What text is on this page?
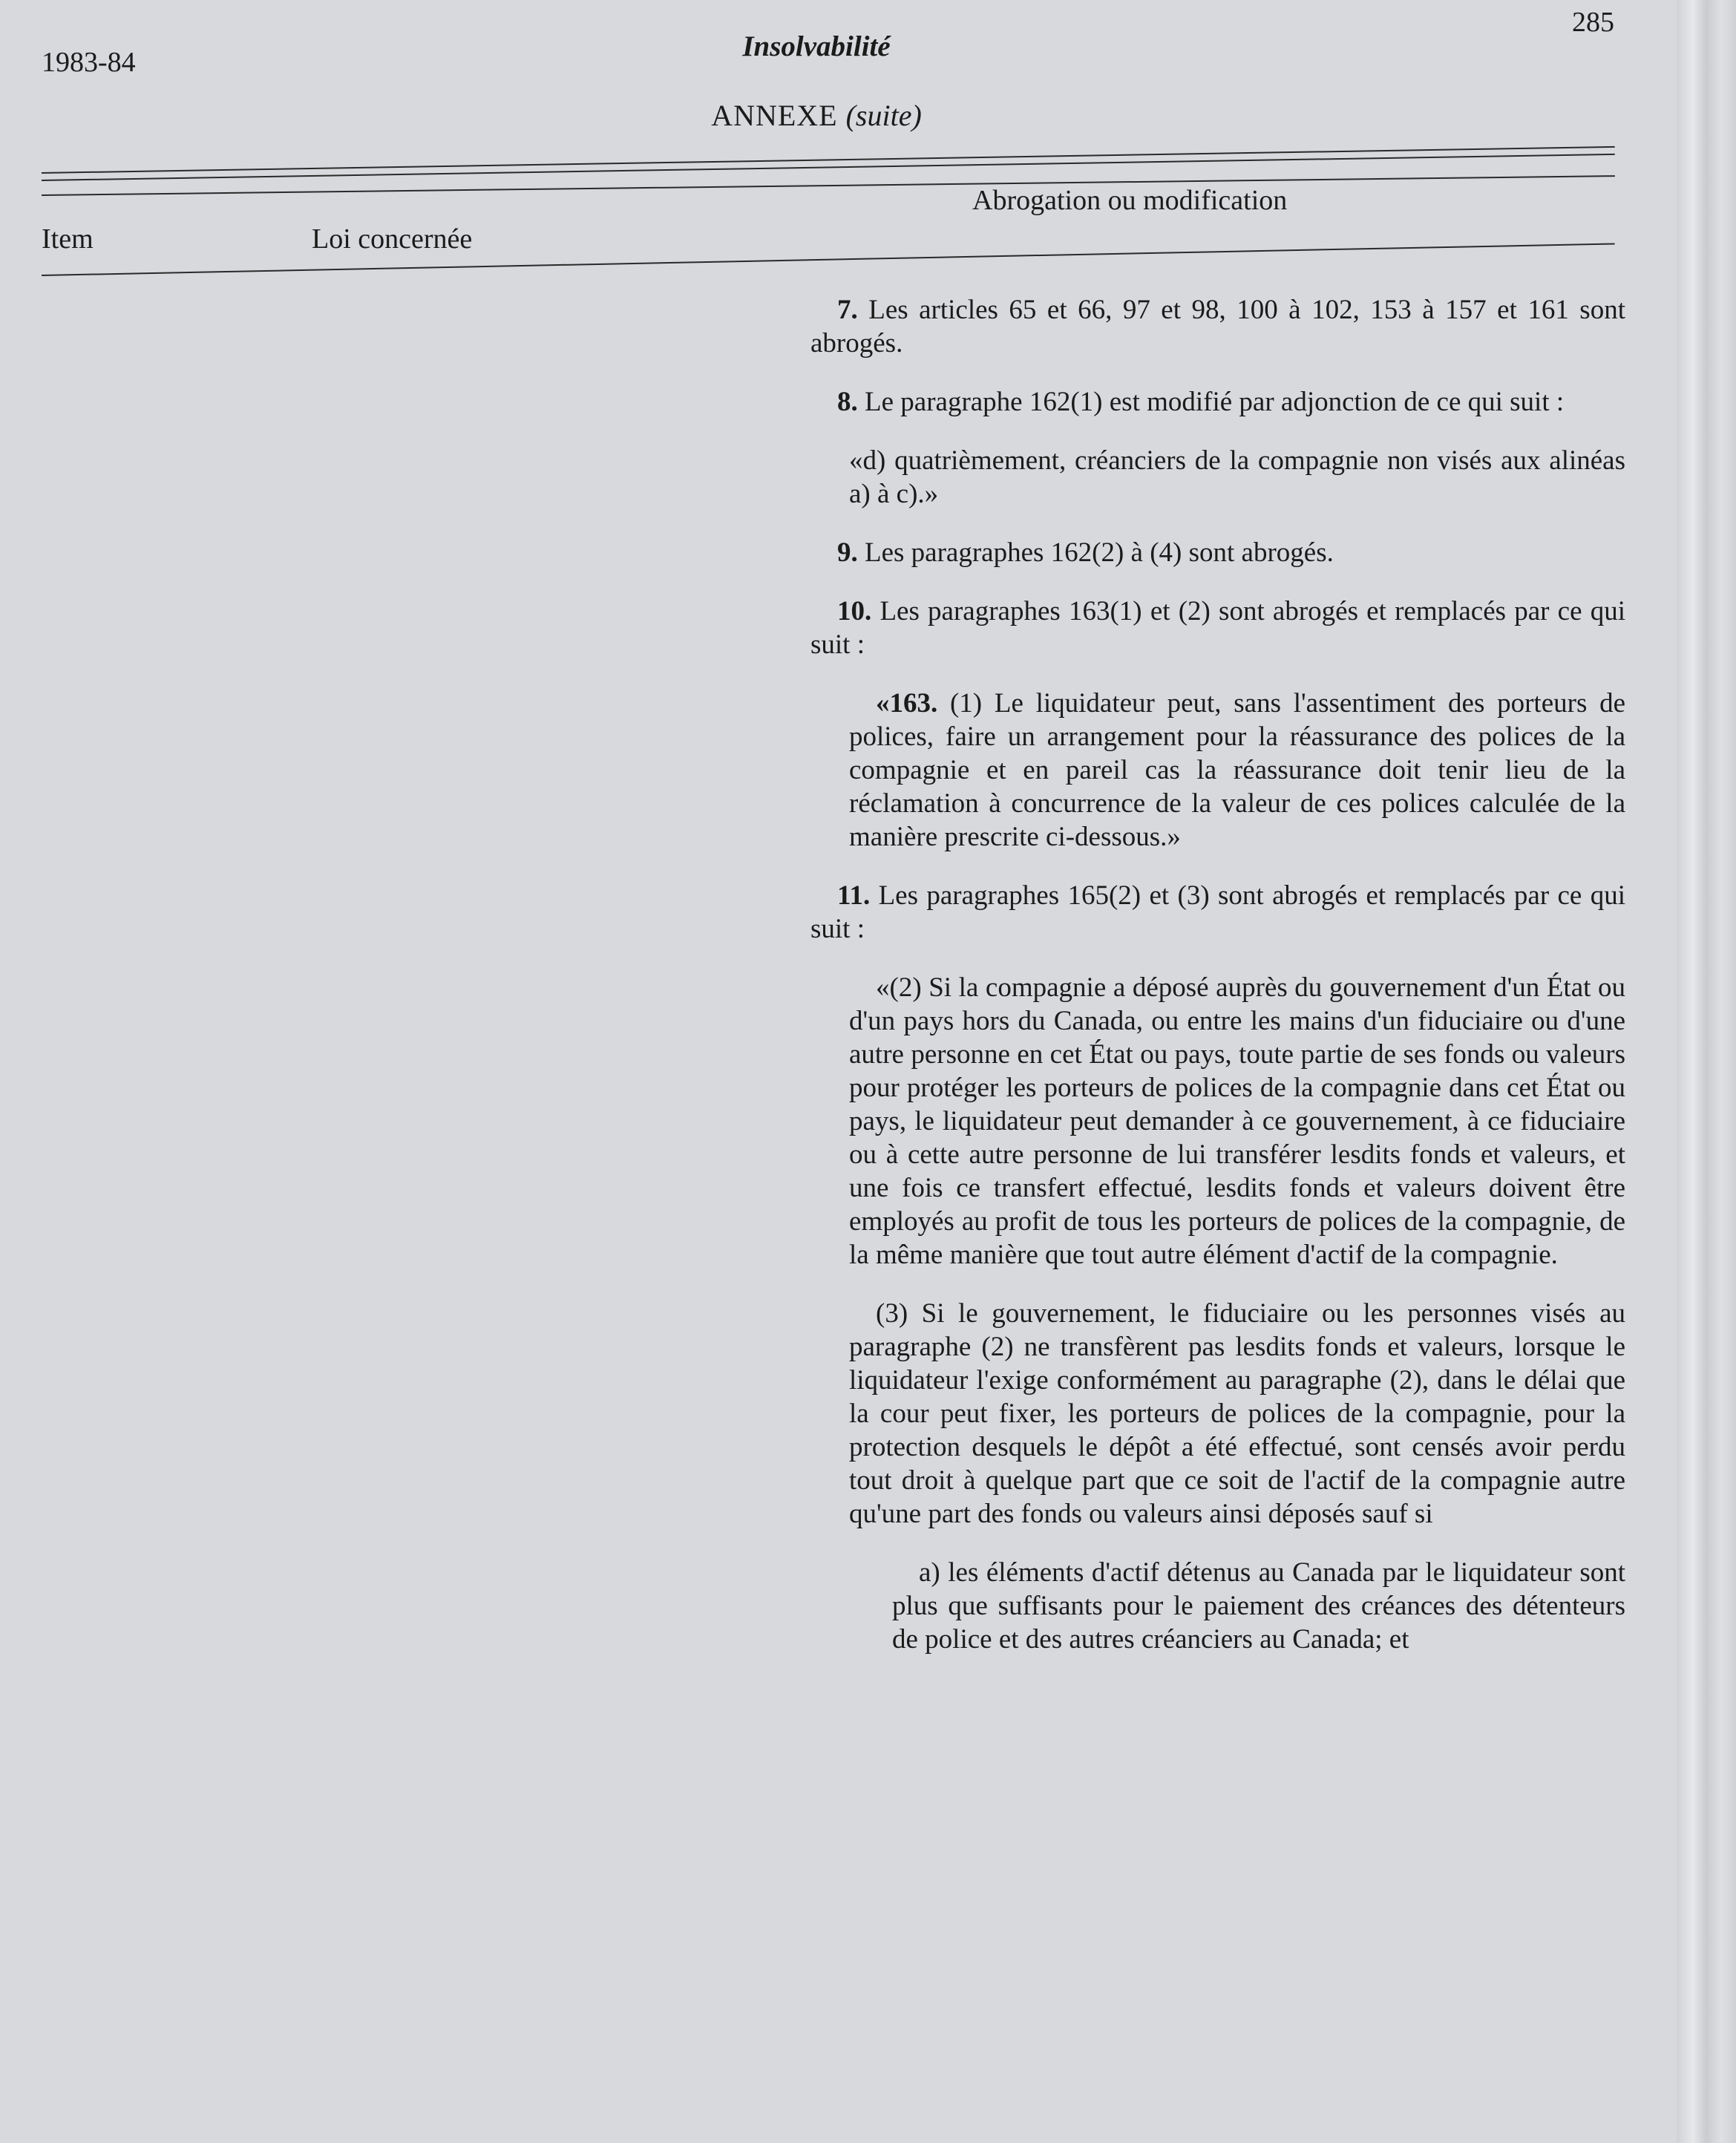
1983-84	Insolvabilité
285
ANNEXE (suite)
Item	Loi concernée
Abrogation ou modification

7. Les articles 65 et 66, 97 et 98, 100 à 102, 153 à 157 et 161 sont abrogés.

8. Le paragraphe 162(1) est modifié par adjonction de ce qui suit :

«d) quatrièmement, créanciers de la compagnie non visés aux alinéas a) à c).»

9. Les paragraphes 162(2) à (4) sont abrogés.

10. Les paragraphes 163(1) et (2) sont abrogés et remplacés par ce qui suit :

«163. (1) Le liquidateur peut, sans l'assentiment des porteurs de polices, faire un arrangement pour la réassurance des polices de la compagnie et en pareil cas la réassurance doit tenir lieu de la réclamation à concurrence de la valeur de ces polices calculée de la manière prescrite ci-dessous.»

11. Les paragraphes 165(2) et (3) sont abrogés et remplacés par ce qui suit :

«(2) Si la compagnie a déposé auprès du gouvernement d'un État ou d'un pays hors du Canada, ou entre les mains d'un fiduciaire ou d'une autre personne en cet État ou pays, toute partie de ses fonds ou valeurs pour protéger les porteurs de polices de la compagnie dans cet État ou pays, le liquidateur peut demander à ce gouvernement, à ce fiduciaire ou à cette autre personne de lui transférer lesdits fonds et valeurs, et une fois ce transfert effectué, lesdits fonds et valeurs doivent être employés au profit de tous les porteurs de polices de la compagnie, de la même manière que tout autre élément d'actif de la compagnie.

(3) Si le gouvernement, le fiduciaire ou les personnes visés au paragraphe (2) ne transfèrent pas lesdits fonds et valeurs, lorsque le liquidateur l'exige conformément au paragraphe (2), dans le délai que la cour peut fixer, les porteurs de polices de la compagnie, pour la protection desquels le dépôt a été effectué, sont censés avoir perdu tout droit à quelque part que ce soit de l'actif de la compagnie autre qu'une part des fonds ou valeurs ainsi déposés sauf si

a) les éléments d'actif détenus au Canada par le liquidateur sont plus que suffisants pour le paiement des créances des détenteurs de police et des autres créanciers au Canada; et
